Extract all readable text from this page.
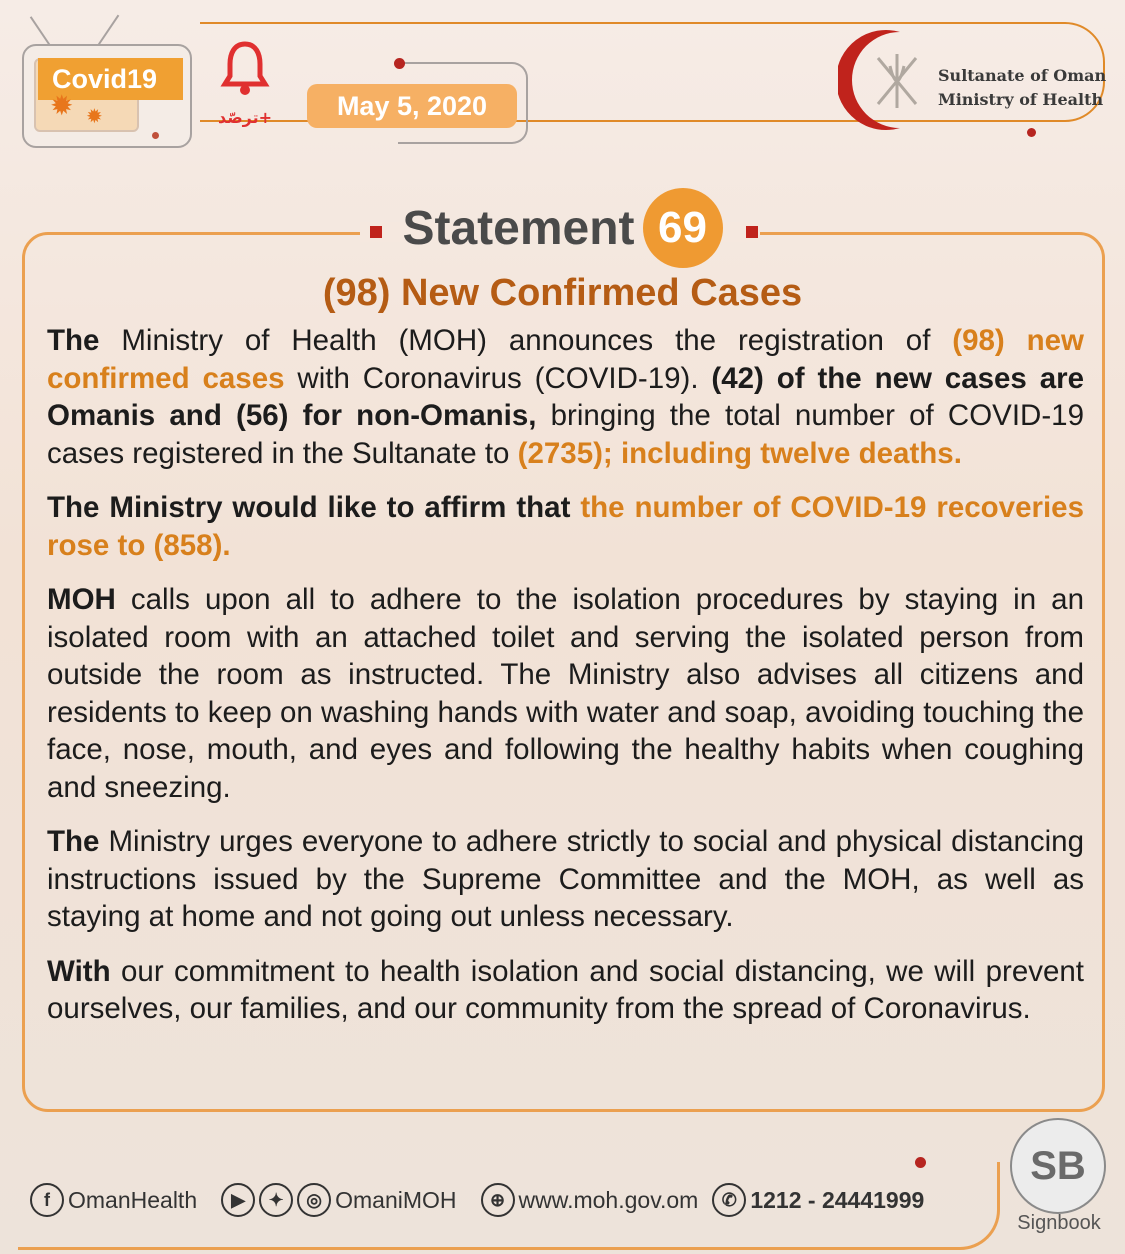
Covid19
✹ ✹	ترصّد+	May 5, 2020
Sultanate of Oman
Ministry of Health
Statement 69
(98) New Confirmed Cases

The Ministry of Health (MOH) announces the registration of (98) new confirmed cases with Coronavirus (COVID-19). (42) of the new cases are Omanis and (56) for non-Omanis, bringing the total number of COVID-19 cases registered in the Sultanate to (2735); including twelve deaths.

The Ministry would like to affirm that the number of COVID-19 recoveries rose to (858).

MOH calls upon all to adhere to the isolation procedures by staying in an isolated room with an attached toilet and serving the isolated person from outside the room as instructed. The Ministry also advises all citizens and residents to keep on washing hands with water and soap, avoiding touching the face, nose, mouth, and eyes and following the healthy habits when coughing and sneezing.

The Ministry urges everyone to adhere strictly to social and physical distancing instructions issued by the Supreme Committee and the MOH, as well as staying at home and not going out unless necessary.

With our commitment to health isolation and social distancing, we will prevent ourselves, our families, and our community from the spread of Coronavirus.

f OmanHealth	▶	✦	◎ OmaniMOH	⊕ www.moh.gov.om	✆ 1212 - 24441999
SB
Signbook
